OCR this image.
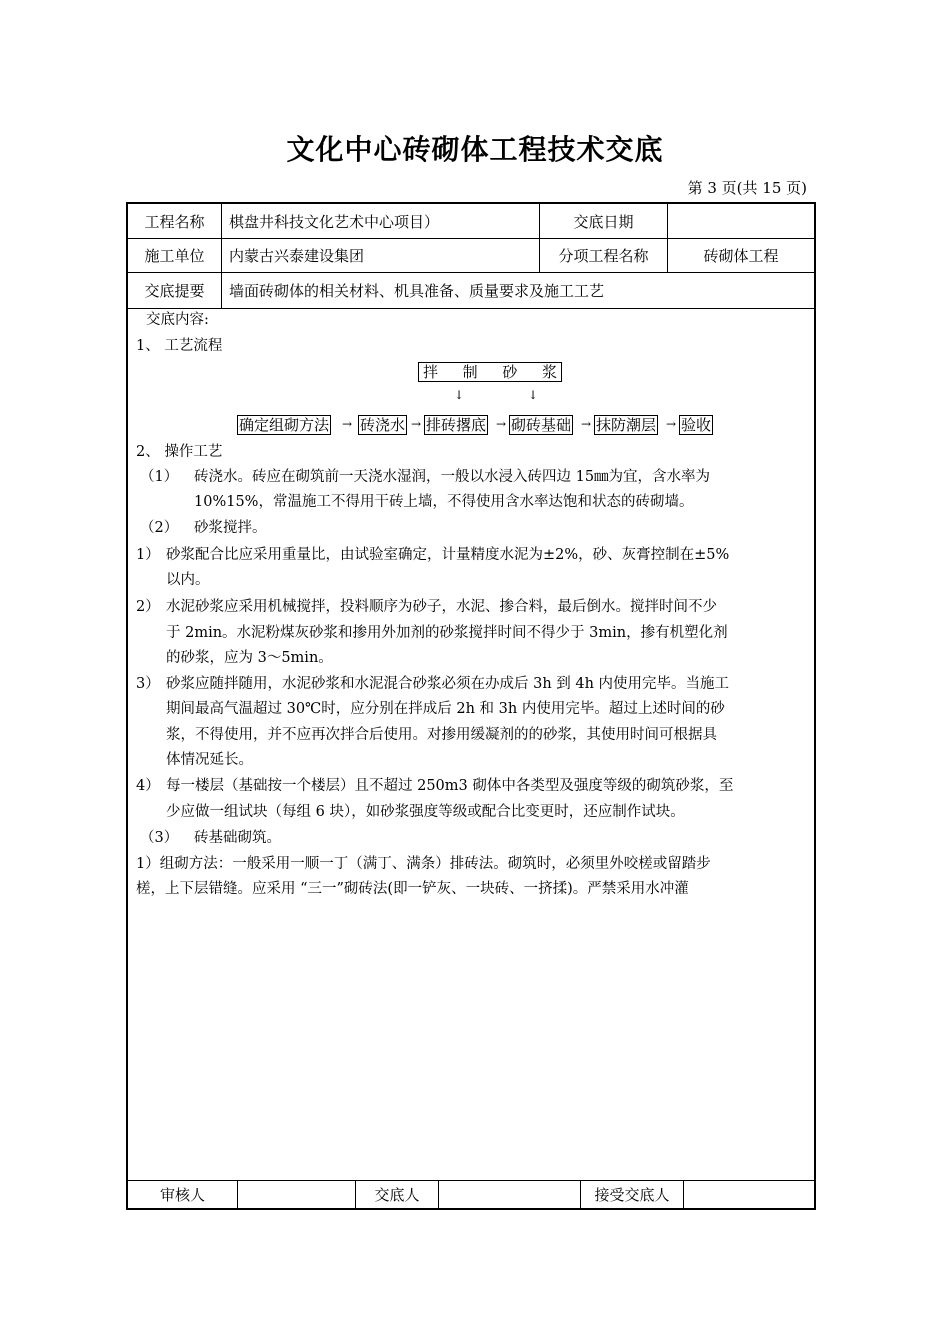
文化中心砖砌体工程技术交底
第 3 页(共 15 页)
工程名称	棋盘井科技文化艺术中心项目）	交底日期
施工单位	内蒙古兴泰建设集团	分项工程名称	砖砌体工程
交底提要	墙面砖砌体的相关材料、机具准备、质量要求及施工工艺
交底内容:
1、 工艺流程
拌 制 砂 浆
↓	↓
确定组砌方法 → 砖浇水 → 排砖撂底 → 砌砖基础 → 抹防潮层 → 验收
2、 操作工艺
（1） 砖浇水。砖应在砌筑前一天浇水湿润，一般以水浸入砖四边 15㎜为宜，含水率为
10%15%，常温施工不得用干砖上墙，不得使用含水率达饱和状态的砖砌墙。
（2） 砂浆搅拌。
1） 砂浆配合比应采用重量比，由试验室确定，计量精度水泥为±2%，砂、灰膏控制在±5%
以内。
2） 水泥砂浆应采用机械搅拌，投料顺序为砂子，水泥、掺合料，最后倒水。搅拌时间不少
于 2min。水泥粉煤灰砂浆和掺用外加剂的砂浆搅拌时间不得少于 3min，掺有机塑化剂
的砂浆，应为 3～5min。
3） 砂浆应随拌随用，水泥砂浆和水泥混合砂浆必须在办成后 3h 到 4h 内使用完毕。当施工
期间最高气温超过 30℃时，应分别在拌成后 2h 和 3h 内使用完毕。超过上述时间的砂
浆，不得使用，并不应再次拌合后使用。对掺用缓凝剂的的砂浆，其使用时间可根据具
体情况延长。
4） 每一楼层（基础按一个楼层）且不超过 250m3 砌体中各类型及强度等级的砌筑砂浆，至
少应做一组试块（每组 6 块），如砂浆强度等级或配合比变更时，还应制作试块。
（3） 砖基础砌筑。
1）组砌方法：一般采用一顺一丁（满丁、满条）排砖法。砌筑时，必须里外咬槎或留踏步
槎，上下层错缝。应采用 “三一”砌砖法(即一铲灰、一块砖、一挤揉)。严禁采用水冲灌
审核人	交底人	接受交底人
